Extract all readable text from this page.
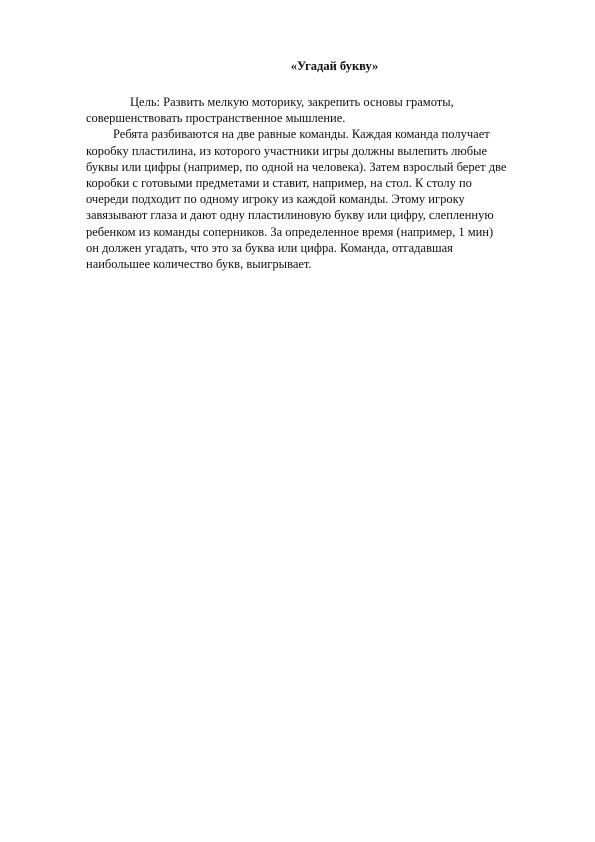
«Угадай букву»

Цель: Развить мелкую моторику, закрепить основы грамоты,
совершенствовать пространственное мышление.

Ребята разбиваются на две равные команды. Каждая команда получает
коробку пластилина, из которого участники игры должны вылепить любые
буквы или цифры (например, по одной на человека). Затем взрослый берет две
коробки с готовыми предметами и ставит, например, на стол. К столу по
очереди подходит по одному игроку из каждой команды. Этому игроку
завязывают глаза и дают одну пластилиновую букву или цифру, слепленную
ребенком из команды соперников. За определенное время (например, 1 мин)
он должен угадать, что это за буква или цифра. Команда, отгадавшая
наибольшее количество букв, выигрывает.
